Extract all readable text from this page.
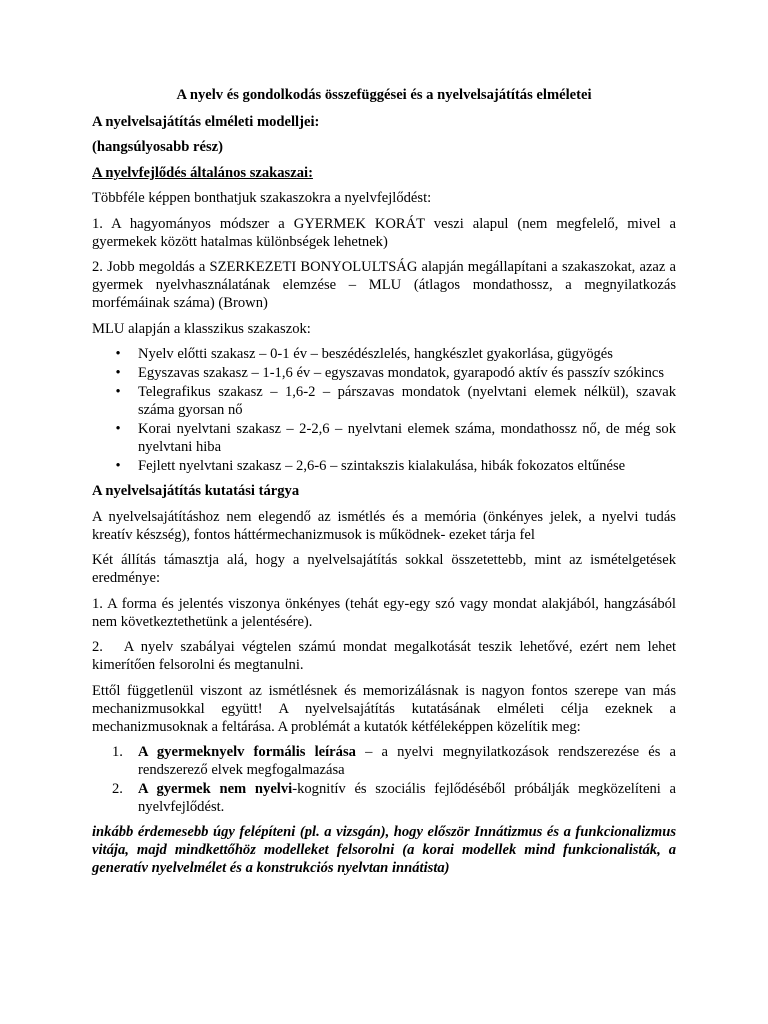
A nyelv és gondolkodás összefüggései és a nyelvelsajátítás elméletei

A nyelvelsajátítás elméleti modelljei:

(hangsúlyosabb rész)

A nyelvfejlődés általános szakaszai:

Többféle képpen bonthatjuk szakaszokra a nyelvfejlődést:

1. A hagyományos módszer a GYERMEK KORÁT veszi alapul (nem megfelelő, mivel a gyermekek között hatalmas különbségek lehetnek)

2. Jobb megoldás a SZERKEZETI BONYOLULTSÁG alapján megállapítani a szakaszokat, azaz a gyermek nyelvhasználatának elemzése – MLU (átlagos mondathossz, a megnyilatkozás morfémáinak száma) (Brown)

MLU alapján a klasszikus szakaszok:

• Nyelv előtti szakasz – 0-1 év – beszédészlelés, hangkészlet gyakorlása, gügyögés
• Egyszavas szakasz – 1-1,6 év – egyszavas mondatok, gyarapodó aktív és passzív szókincs
• Telegrafikus szakasz – 1,6-2 – párszavas mondatok (nyelvtani elemek nélkül), szavak száma gyorsan nő
• Korai nyelvtani szakasz – 2-2,6 – nyelvtani elemek száma, mondathossz nő, de még sok nyelvtani hiba
• Fejlett nyelvtani szakasz – 2,6-6 – szintakszis kialakulása, hibák fokozatos eltűnése

A nyelvelsajátítás kutatási tárgya

A nyelvelsajátításhoz nem elegendő az ismétlés és a memória (önkényes jelek, a nyelvi tudás kreatív készség), fontos háttérmechanizmusok is működnek- ezeket tárja fel

Két állítás támasztja alá, hogy a nyelvelsajátítás sokkal összetettebb, mint az ismételgetések eredménye:

1. A forma és jelentés viszonya önkényes (tehát egy-egy szó vagy mondat alakjából, hangzásából nem következtethetünk a jelentésére).

2.   A nyelv szabályai végtelen számú mondat megalkotását teszik lehetővé, ezért nem lehet kimerítően felsorolni és megtanulni.

Ettől függetlenül viszont az ismétlésnek és memorizálásnak is nagyon fontos szerepe van más mechanizmusokkal együtt! A nyelvelsajátítás kutatásának elméleti célja ezeknek a mechanizmusoknak a feltárása. A problémát a kutatók kétféleképpen közelítik meg:

1. A gyermeknyelv formális leírása – a nyelvi megnyilatkozások rendszerezése és a rendszerező elvek megfogalmazása
2. A gyermek nem nyelvi-kognitív és szociális fejlődéséből próbálják megközelíteni a nyelvfejlődést.

inkább érdemesebb úgy felépíteni (pl. a vizsgán), hogy először Innátizmus és a funkcionalizmus vitája, majd mindkettőhöz modelleket felsorolni (a korai modellek mind funkcionalisták, a generatív nyelvelmélet és a konstrukciós nyelvtan innátista)
